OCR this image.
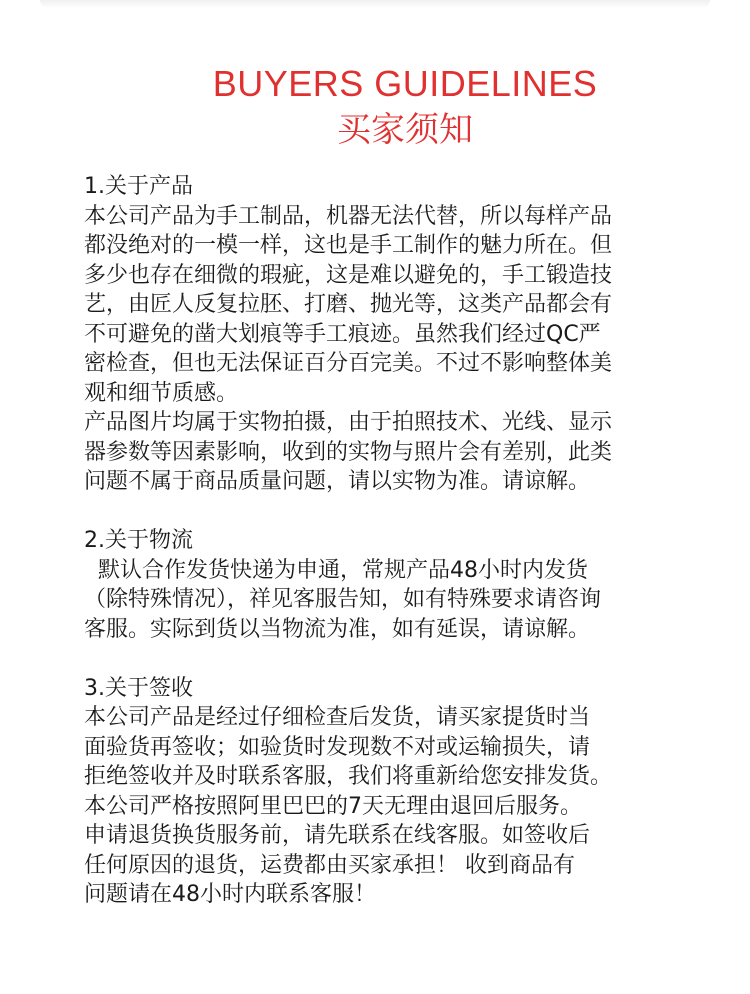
BUYERS GUIDELINES
买家须知
1.关于产品
本公司产品为手工制品，机器无法代替，所以每样产品
都没绝对的一模一样，这也是手工制作的魅力所在。但
多少也存在细微的瑕疵，这是难以避免的，手工锻造技
艺，由匠人反复拉胚、打磨、抛光等，这类产品都会有
不可避免的凿大划痕等手工痕迹。虽然我们经过QC严
密检查，但也无法保证百分百完美。不过不影响整体美
观和细节质感。
产品图片均属于实物拍摄，由于拍照技术、光线、显示
器参数等因素影响，收到的实物与照片会有差别，此类
问题不属于商品质量问题，请以实物为准。请谅解。
2.关于物流
默认合作发货快递为申通，常规产品48小时内发货
（除特殊情况），祥见客服告知，如有特殊要求请咨询
客服。实际到货以当物流为准，如有延误，请谅解。
3.关于签收
本公司产品是经过仔细检查后发货，请买家提货时当
面验货再签收；如验货时发现数不对或运输损失，请
拒绝签收并及时联系客服，我们将重新给您安排发货。
本公司严格按照阿里巴巴的7天无理由退回后服务。
申请退货换货服务前，请先联系在线客服。如签收后
任何原因的退货，运费都由买家承担！ 收到商品有
问题请在48小时内联系客服！
